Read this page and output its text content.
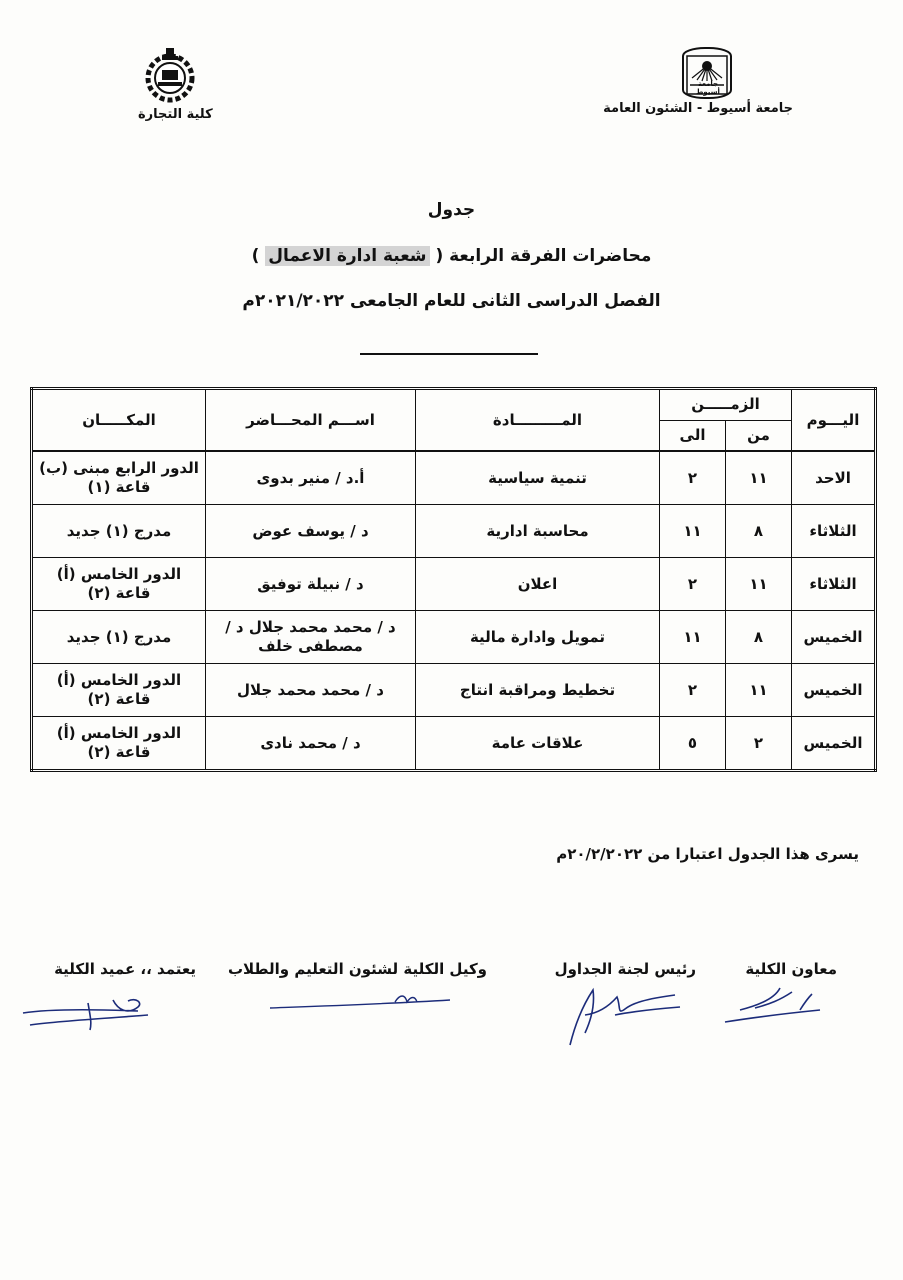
جامعة أسيوط
جامعة أسيوط - الشئون العامة
كلية التجارة
جدول
محاضرات الفرقة الرابعة ( شعبة ادارة الاعمال )
الفصل الدراسى الثانى للعام الجامعى ٢٠٢١/٢٠٢٢م
اليـــوم	الزمـــــن		المـــــــــادة	اســـم المحـــاضر	المكـــــان
	من	الى			
الاحد	١١	٢	تنمية سياسية	أ.د / منير بدوى	الدور الرابع مبنى (ب) قاعة (١)
الثلاثاء	٨	١١	محاسبة ادارية	د / يوسف عوض	مدرج (١) جديد
الثلاثاء	١١	٢	اعلان	د / نبيلة توفيق	الدور الخامس (أ) قاعة (٢)
الخميس	٨	١١	تمويل وادارة مالية	د / محمد محمد جلال د / مصطفى خلف	مدرج (١) جديد
الخميس	١١	٢	تخطيط ومراقبة انتاج	د / محمد محمد جلال	الدور الخامس (أ) قاعة (٢)
الخميس	٢	٥	علاقات عامة	د / محمد نادى	الدور الخامس (أ) قاعة (٢)
يسرى هذا الجدول اعتبارا من ٢٠/٢/٢٠٢٢م
معاون الكلية
رئيس لجنة الجداول
وكيل الكلية لشئون التعليم والطلاب
يعتمد ،، عميد الكلية
